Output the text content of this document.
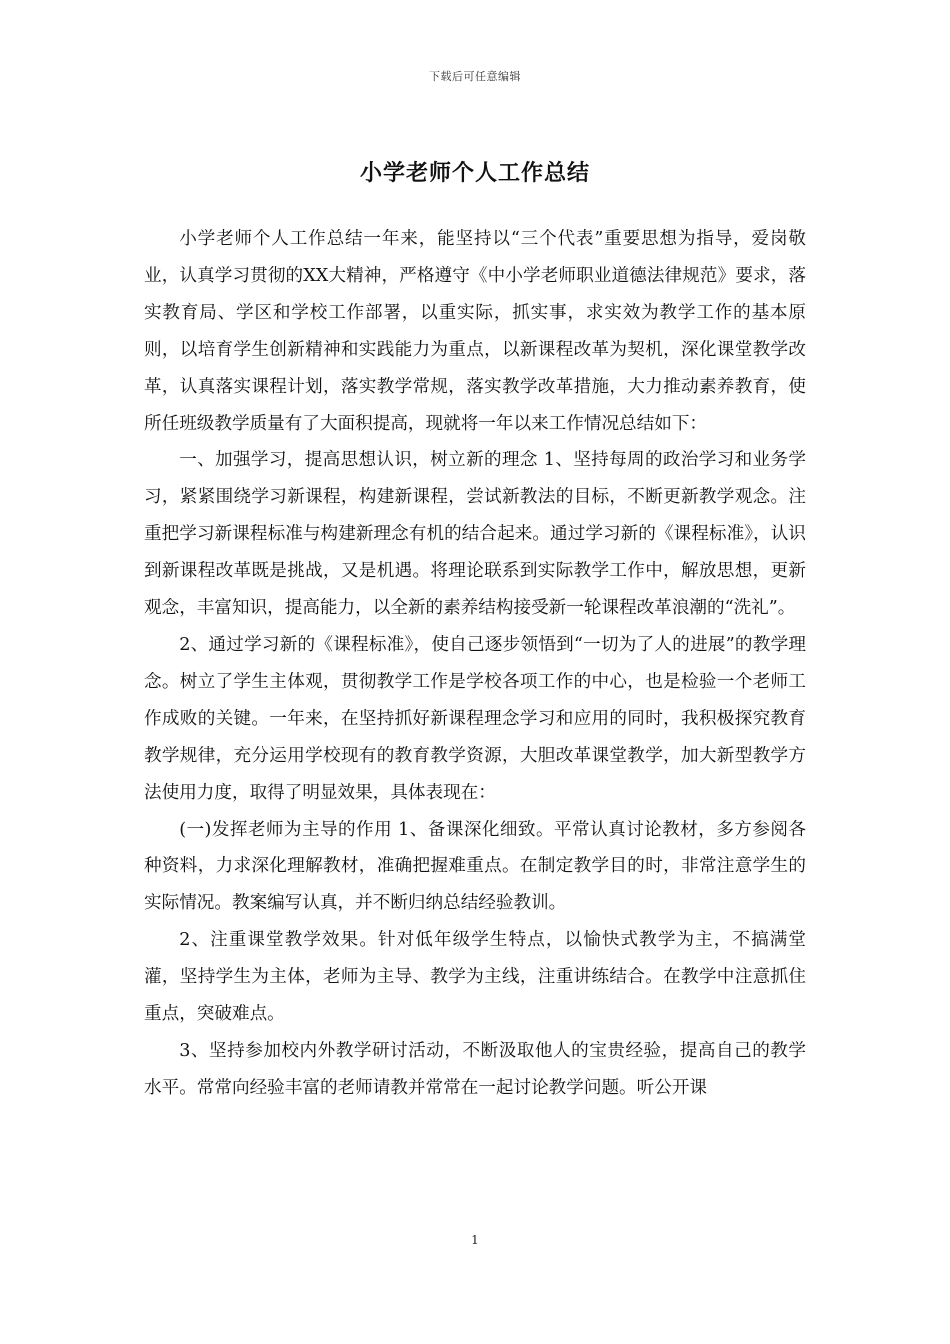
下载后可任意编辑
小学老师个人工作总结

小学老师个人工作总结一年来，能坚持以“三个代表”重要思想为指导，爱岗敬业，认真学习贯彻的XX大精神，严格遵守《中小学老师职业道德法律规范》要求，落实教育局、学区和学校工作部署，以重实际，抓实事，求实效为教学工作的基本原则，以培育学生创新精神和实践能力为重点，以新课程改革为契机，深化课堂教学改革，认真落实课程计划，落实教学常规，落实教学改革措施，大力推动素养教育，使所任班级教学质量有了大面积提高，现就将一年以来工作情况总结如下：

一、加强学习，提高思想认识，树立新的理念 1、坚持每周的政治学习和业务学习，紧紧围绕学习新课程，构建新课程，尝试新教法的目标，不断更新教学观念。注重把学习新课程标准与构建新理念有机的结合起来。通过学习新的《课程标准》，认识到新课程改革既是挑战，又是机遇。将理论联系到实际教学工作中，解放思想，更新观念，丰富知识，提高能力，以全新的素养结构接受新一轮课程改革浪潮的“洗礼”。

2、通过学习新的《课程标准》，使自己逐步领悟到“一切为了人的进展”的教学理念。树立了学生主体观，贯彻教学工作是学校各项工作的中心，也是检验一个老师工作成败的关键。一年来，在坚持抓好新课程理念学习和应用的同时，我积极探究教育教学规律，充分运用学校现有的教育教学资源，大胆改革课堂教学，加大新型教学方法使用力度，取得了明显效果，具体表现在：

(一)发挥老师为主导的作用 1、备课深化细致。平常认真讨论教材，多方参阅各种资料，力求深化理解教材，准确把握难重点。在制定教学目的时，非常注意学生的实际情况。教案编写认真，并不断归纳总结经验教训。

2、注重课堂教学效果。针对低年级学生特点，以愉快式教学为主，不搞满堂灌，坚持学生为主体，老师为主导、教学为主线，注重讲练结合。在教学中注意抓住重点，突破难点。

3、坚持参加校内外教学研讨活动，不断汲取他人的宝贵经验，提高自己的教学水平。常常向经验丰富的老师请教并常常在一起讨论教学问题。听公开课

1
